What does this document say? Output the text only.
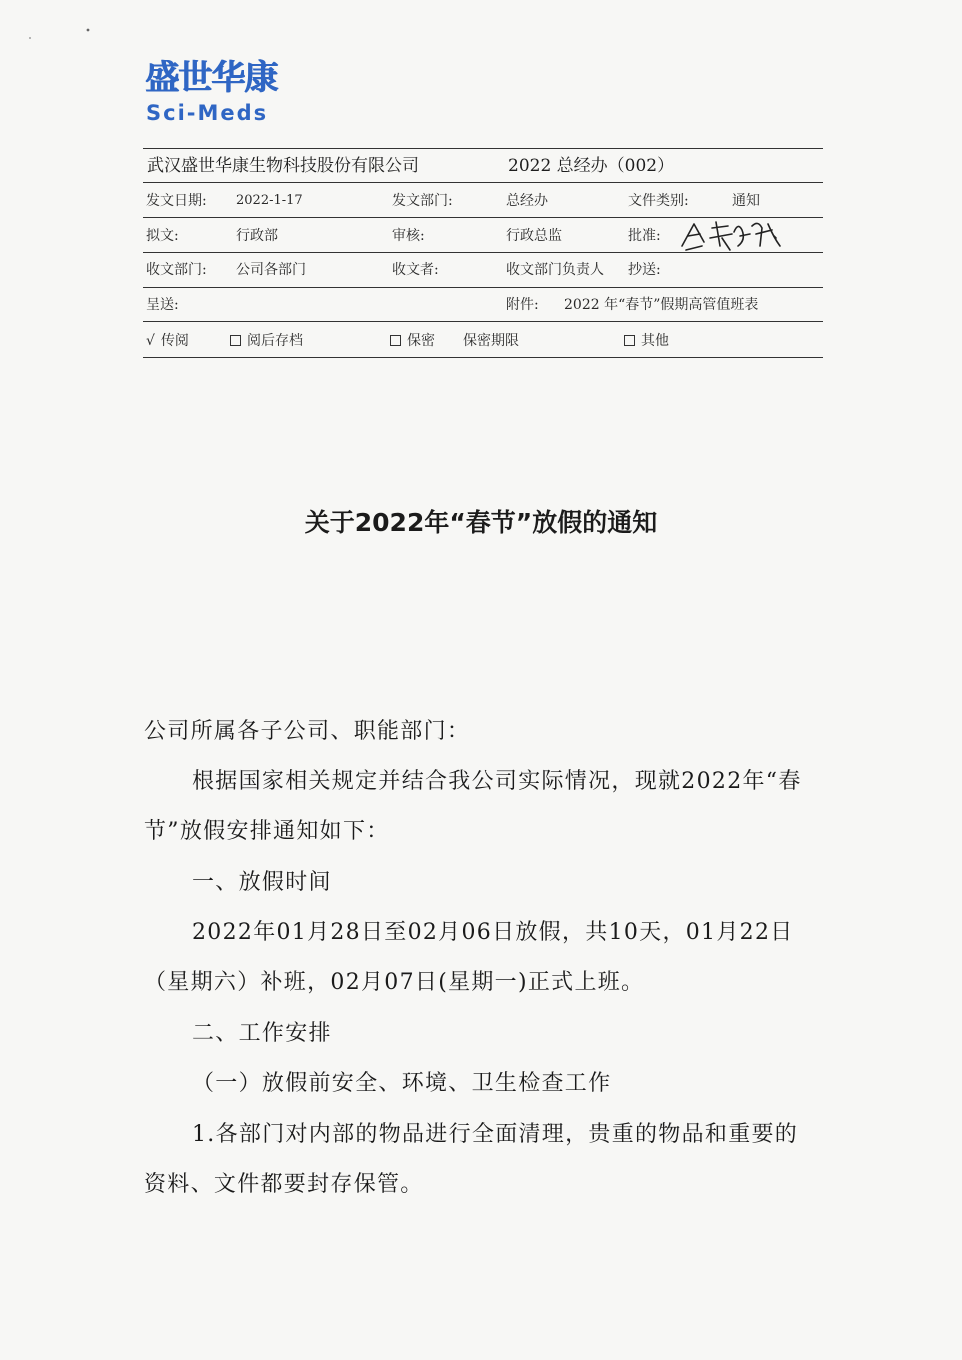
盛世华康
Sci-Meds
武汉盛世华康生物科技股份有限公司	2022 总经办（002）
发文日期: 2022-1-17	发文部门:	总经办	文件类别:	通知
拟文:	行政部	审核:	行政总监	批准:
收文部门: 公司各部门	收文者:	收文部门负责人 抄送:
呈送:	附件: 2022 年“春节”假期高管值班表
√ 传阅	阅后存档	保密 保密期限	其他
关于2022年“春节”放假的通知
公司所属各子公司、职能部门：
根据国家相关规定并结合我公司实际情况，现就2022年“春节”放假安排通知如下：
一、放假时间
2022年01月28日至02月06日放假，共10天，01月22日（星期六）补班，02月07日(星期一)正式上班。
二、工作安排
（一）放假前安全、环境、卫生检查工作
1.各部门对内部的物品进行全面清理，贵重的物品和重要的资料、文件都要封存保管。
